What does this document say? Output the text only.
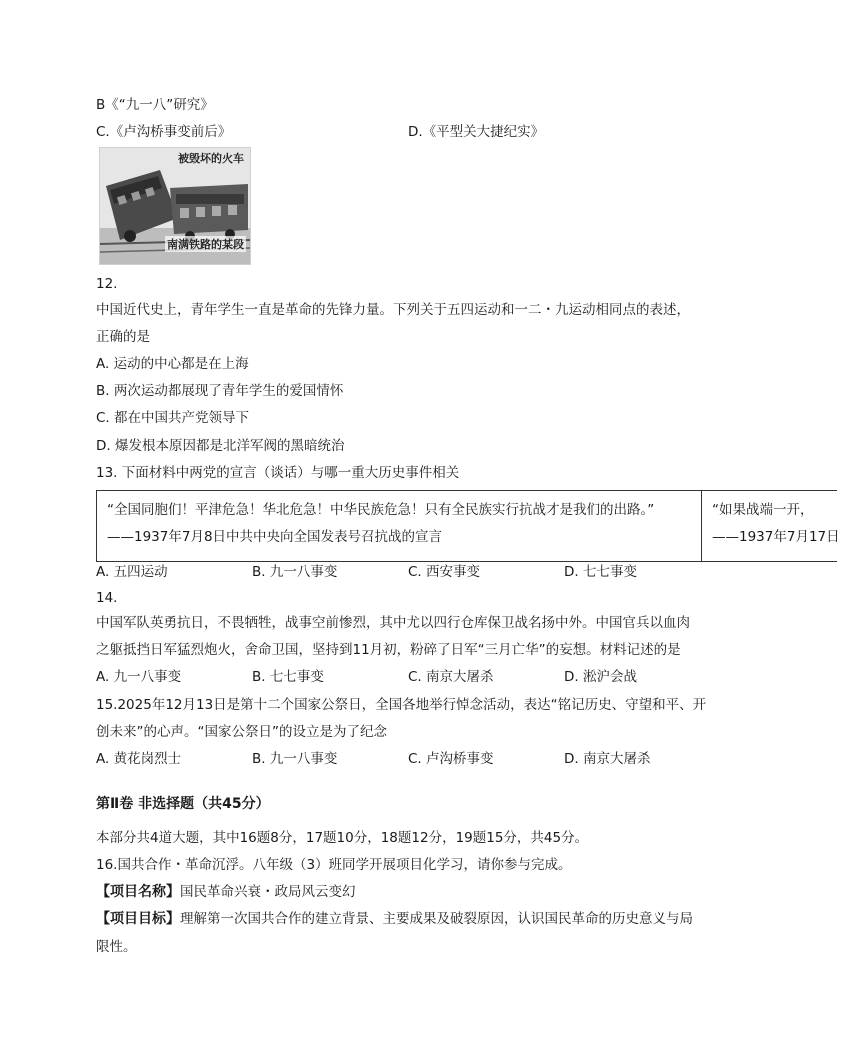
B《“九一八”研究》
C.《卢沟桥事变前后》	D.《平型关大捷纪实》
被毁坏的火车
南满铁路的某段
12.
中国近代史上，青年学生一直是革命的先锋力量。下列关于五四运动和一二・九运动相同点的表述，
正确的是
A. 运动的中心都是在上海
B. 两次运动都展现了青年学生的爱国情怀
C. 都在中国共产党领导下
D. 爆发根本原因都是北洋军阀的黑暗统治
13. 下面材料中两党的宣言（谈话）与哪一重大历史事件相关
“全国同胞们！平津危急！华北危急！中华民族危急！只有全民族实行抗战才是我们的出路。”
——1937年7月8日中共中央向全国发表号召抗战的宣言
“如果战端一开，
——1937年7月17日
A. 五四运动	B. 九一八事变	C. 西安事变	D. 七七事变
14.
中国军队英勇抗日，不畏牺牲，战事空前惨烈，其中尤以四行仓库保卫战名扬中外。中国官兵以血肉
之躯抵挡日军猛烈炮火，舍命卫国，坚持到11月初，粉碎了日军“三月亡华”的妄想。材料记述的是
A. 九一八事变	B. 七七事变	C. 南京大屠杀	D. 淞沪会战
15.2025年12月13日是第十二个国家公祭日，全国各地举行悼念活动，表达“铭记历史、守望和平、开
创未来”的心声。“国家公祭日”的设立是为了纪念
A. 黄花岗烈士	B. 九一八事变	C. 卢沟桥事变	D. 南京大屠杀
第Ⅱ卷 非选择题（共45分）
本部分共4道大题，其中16题8分，17题10分，18题12分，19题15分，共45分。
16.国共合作・革命沉浮。八年级（3）班同学开展项目化学习，请你参与完成。
【项目名称】国民革命兴衰・政局风云变幻
【项目目标】理解第一次国共合作的建立背景、主要成果及破裂原因，认识国民革命的历史意义与局
限性。
